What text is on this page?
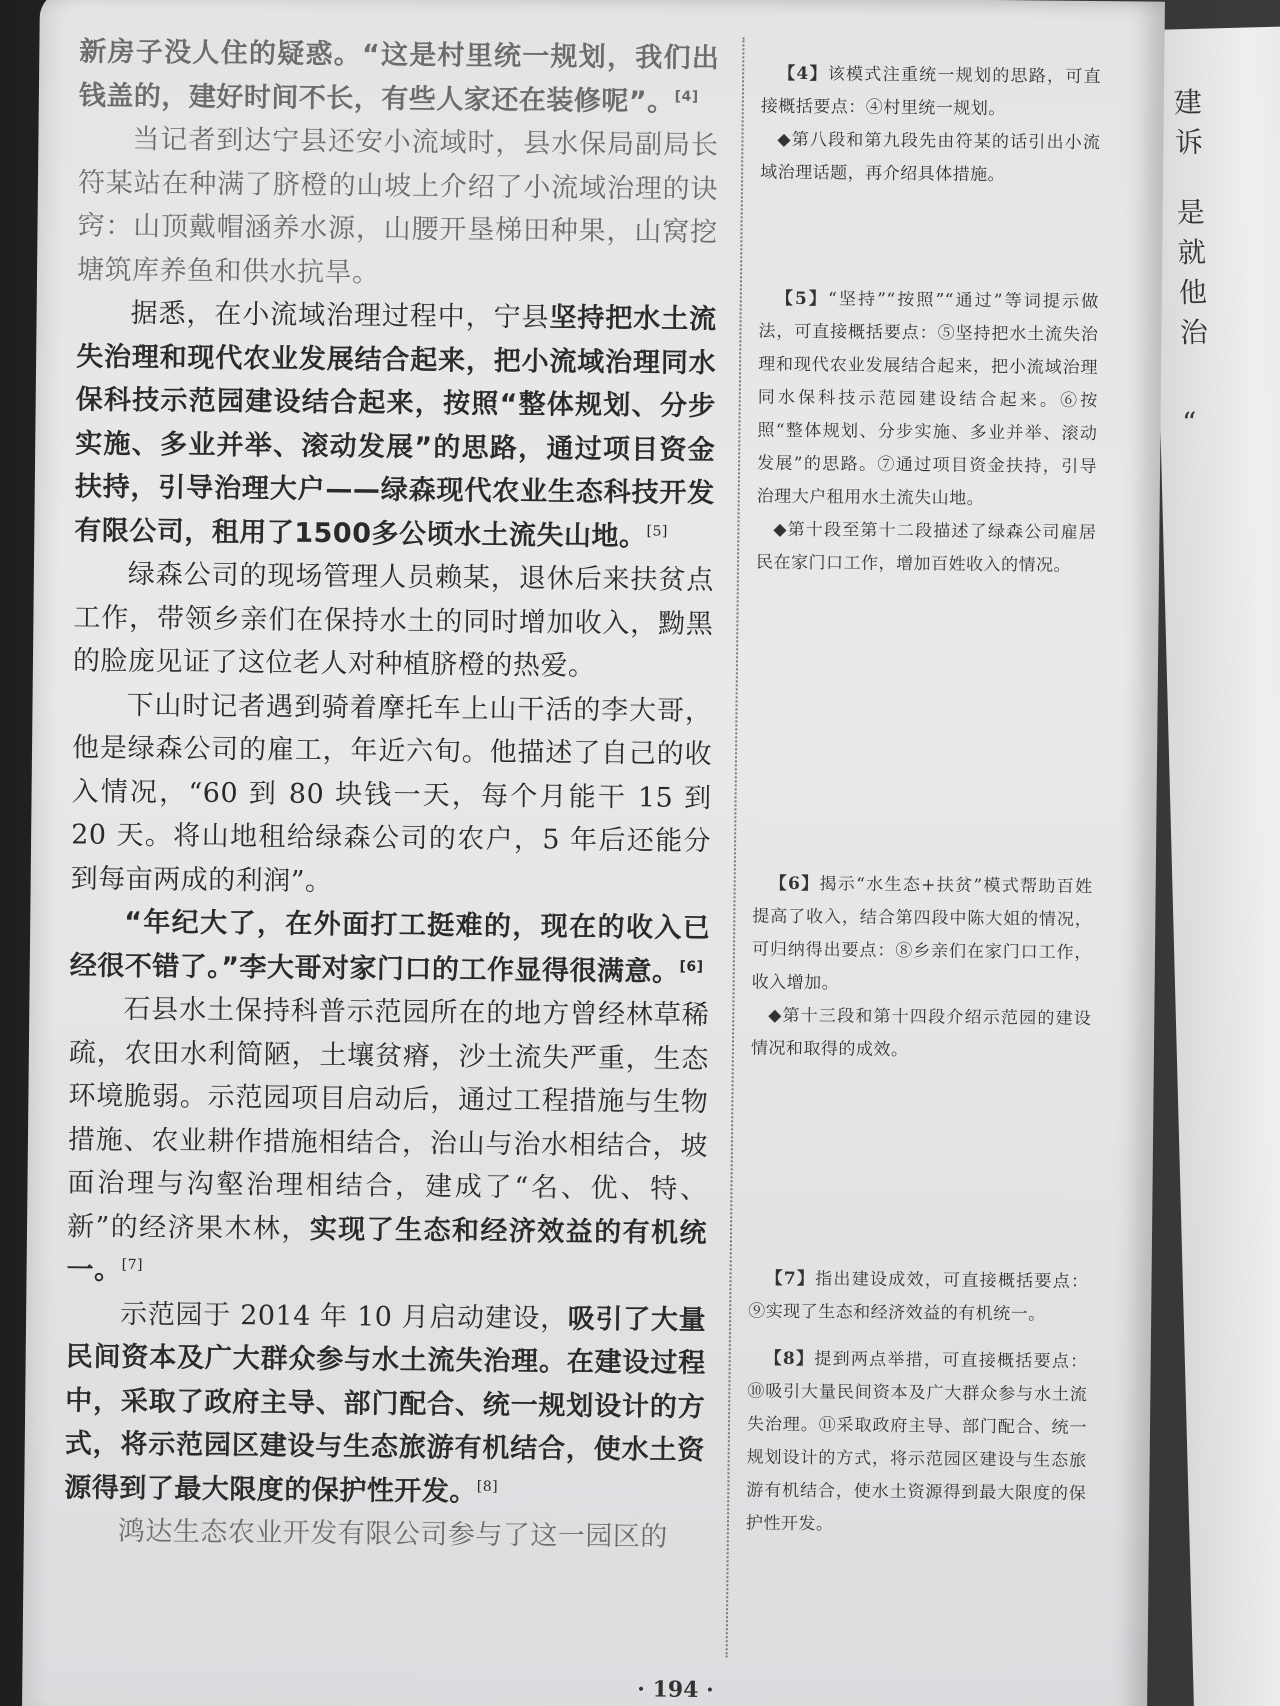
建
诉
是
就
他
治
“

新房子没人住的疑惑。“这是村里统一规划，我们出钱盖的，建好时间不长，有些人家还在装修呢”。[4]

当记者到达宁县还安小流域时，县水保局副局长符某站在种满了脐橙的山坡上介绍了小流域治理的诀窍：山顶戴帽涵养水源，山腰开垦梯田种果，山窝挖塘筑库养鱼和供水抗旱。

据悉，在小流域治理过程中，宁县坚持把水土流失治理和现代农业发展结合起来，把小流域治理同水保科技示范园建设结合起来，按照“整体规划、分步实施、多业并举、滚动发展”的思路，通过项目资金扶持，引导治理大户——绿森现代农业生态科技开发有限公司，租用了1500多公顷水土流失山地。[5]

绿森公司的现场管理人员赖某，退休后来扶贫点工作，带领乡亲们在保持水土的同时增加收入，黝黑的脸庞见证了这位老人对种植脐橙的热爱。

下山时记者遇到骑着摩托车上山干活的李大哥，他是绿森公司的雇工，年近六旬。他描述了自己的收入情况，“60 到 80 块钱一天，每个月能干 15 到 20 天。将山地租给绿森公司的农户，5 年后还能分到每亩两成的利润”。

“年纪大了，在外面打工挺难的，现在的收入已经很不错了。”李大哥对家门口的工作显得很满意。[6]

石县水土保持科普示范园所在的地方曾经林草稀疏，农田水利简陋，土壤贫瘠，沙土流失严重，生态环境脆弱。示范园项目启动后，通过工程措施与生物措施、农业耕作措施相结合，治山与治水相结合，坡面治理与沟壑治理相结合，建成了“名、优、特、新”的经济果木林，实现了生态和经济效益的有机统一。[7]

示范园于 2014 年 10 月启动建设，吸引了大量民间资本及广大群众参与水土流失治理。在建设过程中，采取了政府主导、部门配合、统一规划设计的方式，将示范园区建设与生态旅游有机结合，使水土资源得到了最大限度的保护性开发。[8]

鸿达生态农业开发有限公司参与了这一园区的

【4】该模式注重统一规划的思路，可直接概括要点：④村里统一规划。

◆第八段和第九段先由符某的话引出小流域治理话题，再介绍具体措施。

【5】“坚持”“按照”“通过”等词提示做法，可直接概括要点：⑤坚持把水土流失治理和现代农业发展结合起来，把小流域治理同水保科技示范园建设结合起来。⑥按照“整体规划、分步实施、多业并举、滚动发展”的思路。⑦通过项目资金扶持，引导治理大户租用水土流失山地。

◆第十段至第十二段描述了绿森公司雇居民在家门口工作，增加百姓收入的情况。

【6】揭示“水生态+扶贫”模式帮助百姓提高了收入，结合第四段中陈大姐的情况，可归纳得出要点：⑧乡亲们在家门口工作，收入增加。

◆第十三段和第十四段介绍示范园的建设情况和取得的成效。

【7】指出建设成效，可直接概括要点：⑨实现了生态和经济效益的有机统一。

【8】提到两点举措，可直接概括要点：⑩吸引大量民间资本及广大群众参与水土流失治理。⑪采取政府主导、部门配合、统一规划设计的方式，将示范园区建设与生态旅游有机结合，使水土资源得到最大限度的保护性开发。

· 194 ·
